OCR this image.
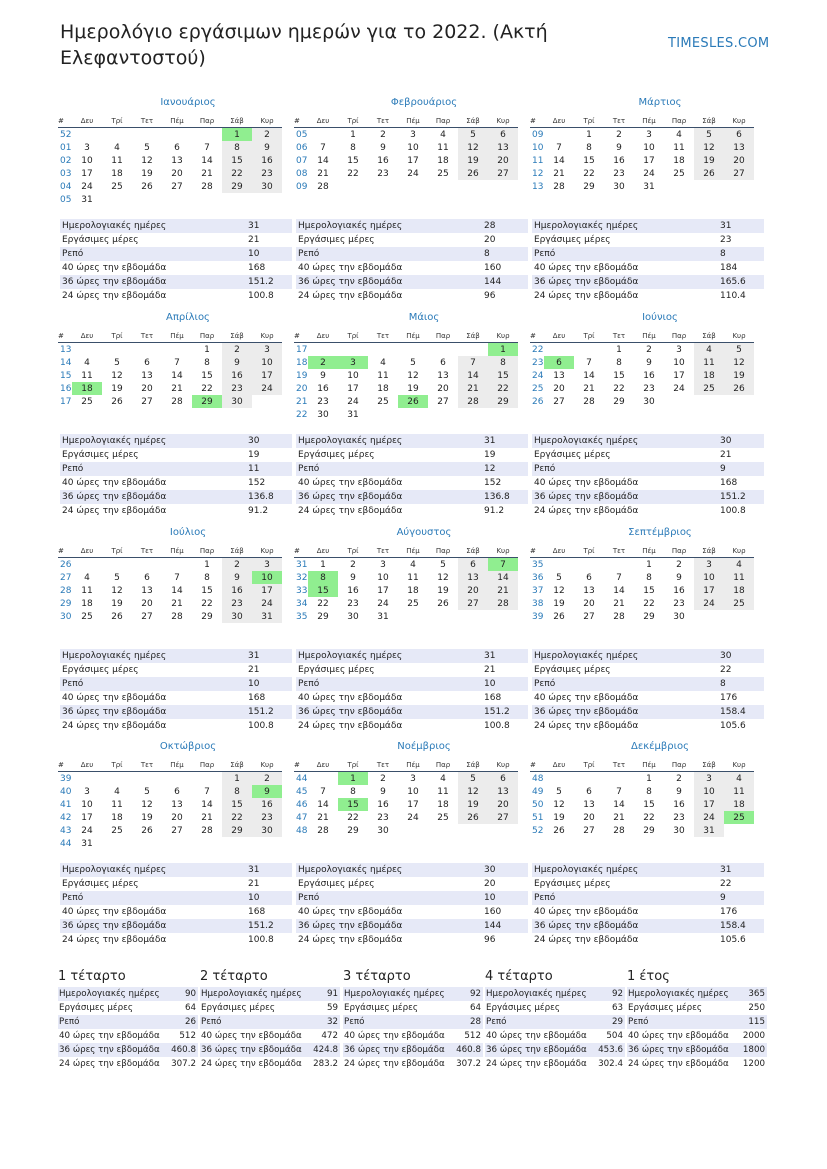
Ημερολόγιο εργάσιμων ημερών για το 2022. (Ακτή Ελεφαντοστού)
TIMESLES.COM
Ιανουάριος
#	Δευ	Τρί	Τετ	Πέμ	Παρ	Σάβ	Κυρ
52						1	2
01	3	4	5	6	7	8	9
02	10	11	12	13	14	15	16
03	17	18	19	20	21	22	23
04	24	25	26	27	28	29	30
05	31						
Ημερολογιακές ημέρες	31
Εργάσιμες μέρες	21
Ρεπό	10
40 ώρες την εβδομάδα	168
36 ώρες την εβδομάδα	151.2
24 ώρες την εβδομάδα	100.8
Φεβρουάριος
#	Δευ	Τρί	Τετ	Πέμ	Παρ	Σάβ	Κυρ
05		1	2	3	4	5	6
06	7	8	9	10	11	12	13
07	14	15	16	17	18	19	20
08	21	22	23	24	25	26	27
09	28						
Ημερολογιακές ημέρες	28
Εργάσιμες μέρες	20
Ρεπό	8
40 ώρες την εβδομάδα	160
36 ώρες την εβδομάδα	144
24 ώρες την εβδομάδα	96
Μάρτιος
#	Δευ	Τρί	Τετ	Πέμ	Παρ	Σάβ	Κυρ
09		1	2	3	4	5	6
10	7	8	9	10	11	12	13
11	14	15	16	17	18	19	20
12	21	22	23	24	25	26	27
13	28	29	30	31			
Ημερολογιακές ημέρες	31
Εργάσιμες μέρες	23
Ρεπό	8
40 ώρες την εβδομάδα	184
36 ώρες την εβδομάδα	165.6
24 ώρες την εβδομάδα	110.4
Απρίλιος
#	Δευ	Τρί	Τετ	Πέμ	Παρ	Σάβ	Κυρ
13					1	2	3
14	4	5	6	7	8	9	10
15	11	12	13	14	15	16	17
16	18	19	20	21	22	23	24
17	25	26	27	28	29	30	
Ημερολογιακές ημέρες	30
Εργάσιμες μέρες	19
Ρεπό	11
40 ώρες την εβδομάδα	152
36 ώρες την εβδομάδα	136.8
24 ώρες την εβδομάδα	91.2
Μάιος
#	Δευ	Τρί	Τετ	Πέμ	Παρ	Σάβ	Κυρ
17							1
18	2	3	4	5	6	7	8
19	9	10	11	12	13	14	15
20	16	17	18	19	20	21	22
21	23	24	25	26	27	28	29
22	30	31					
Ημερολογιακές ημέρες	31
Εργάσιμες μέρες	19
Ρεπό	12
40 ώρες την εβδομάδα	152
36 ώρες την εβδομάδα	136.8
24 ώρες την εβδομάδα	91.2
Ιούνιος
#	Δευ	Τρί	Τετ	Πέμ	Παρ	Σάβ	Κυρ
22			1	2	3	4	5
23	6	7	8	9	10	11	12
24	13	14	15	16	17	18	19
25	20	21	22	23	24	25	26
26	27	28	29	30			
Ημερολογιακές ημέρες	30
Εργάσιμες μέρες	21
Ρεπό	9
40 ώρες την εβδομάδα	168
36 ώρες την εβδομάδα	151.2
24 ώρες την εβδομάδα	100.8
Ιούλιος
#	Δευ	Τρί	Τετ	Πέμ	Παρ	Σάβ	Κυρ
26					1	2	3
27	4	5	6	7	8	9	10
28	11	12	13	14	15	16	17
29	18	19	20	21	22	23	24
30	25	26	27	28	29	30	31
Ημερολογιακές ημέρες	31
Εργάσιμες μέρες	21
Ρεπό	10
40 ώρες την εβδομάδα	168
36 ώρες την εβδομάδα	151.2
24 ώρες την εβδομάδα	100.8
Αύγουστος
#	Δευ	Τρί	Τετ	Πέμ	Παρ	Σάβ	Κυρ
31	1	2	3	4	5	6	7
32	8	9	10	11	12	13	14
33	15	16	17	18	19	20	21
34	22	23	24	25	26	27	28
35	29	30	31				
Ημερολογιακές ημέρες	31
Εργάσιμες μέρες	21
Ρεπό	10
40 ώρες την εβδομάδα	168
36 ώρες την εβδομάδα	151.2
24 ώρες την εβδομάδα	100.8
Σεπτέμβριος
#	Δευ	Τρί	Τετ	Πέμ	Παρ	Σάβ	Κυρ
35				1	2	3	4
36	5	6	7	8	9	10	11
37	12	13	14	15	16	17	18
38	19	20	21	22	23	24	25
39	26	27	28	29	30		
Ημερολογιακές ημέρες	30
Εργάσιμες μέρες	22
Ρεπό	8
40 ώρες την εβδομάδα	176
36 ώρες την εβδομάδα	158.4
24 ώρες την εβδομάδα	105.6
Οκτώβριος
#	Δευ	Τρί	Τετ	Πέμ	Παρ	Σάβ	Κυρ
39						1	2
40	3	4	5	6	7	8	9
41	10	11	12	13	14	15	16
42	17	18	19	20	21	22	23
43	24	25	26	27	28	29	30
44	31						
Ημερολογιακές ημέρες	31
Εργάσιμες μέρες	21
Ρεπό	10
40 ώρες την εβδομάδα	168
36 ώρες την εβδομάδα	151.2
24 ώρες την εβδομάδα	100.8
Νοέμβριος
#	Δευ	Τρί	Τετ	Πέμ	Παρ	Σάβ	Κυρ
44		1	2	3	4	5	6
45	7	8	9	10	11	12	13
46	14	15	16	17	18	19	20
47	21	22	23	24	25	26	27
48	28	29	30				
Ημερολογιακές ημέρες	30
Εργάσιμες μέρες	20
Ρεπό	10
40 ώρες την εβδομάδα	160
36 ώρες την εβδομάδα	144
24 ώρες την εβδομάδα	96
Δεκέμβριος
#	Δευ	Τρί	Τετ	Πέμ	Παρ	Σάβ	Κυρ
48				1	2	3	4
49	5	6	7	8	9	10	11
50	12	13	14	15	16	17	18
51	19	20	21	22	23	24	25
52	26	27	28	29	30	31	
Ημερολογιακές ημέρες	31
Εργάσιμες μέρες	22
Ρεπό	9
40 ώρες την εβδομάδα	176
36 ώρες την εβδομάδα	158.4
24 ώρες την εβδομάδα	105.6
1 τέταρτο
Ημερολογιακές ημέρες	90
Εργάσιμες μέρες	64
Ρεπό	26
40 ώρες την εβδομάδα 512
36 ώρες την εβδομάδα 460.8
24 ώρες την εβδομάδα 307.2
2 τέταρτο
Ημερολογιακές ημέρες	91
Εργάσιμες μέρες	59
Ρεπό	32
40 ώρες την εβδομάδα 472
36 ώρες την εβδομάδα 424.8
24 ώρες την εβδομάδα 283.2
3 τέταρτο
Ημερολογιακές ημέρες	92
Εργάσιμες μέρες	64
Ρεπό	28
40 ώρες την εβδομάδα 512
36 ώρες την εβδομάδα 460.8
24 ώρες την εβδομάδα 307.2
4 τέταρτο
Ημερολογιακές ημέρες	92
Εργάσιμες μέρες	63
Ρεπό	29
40 ώρες την εβδομάδα 504
36 ώρες την εβδομάδα 453.6
24 ώρες την εβδομάδα 302.4
1 έτος
Ημερολογιακές ημέρες 365
Εργάσιμες μέρες	250
Ρεπό	115
40 ώρες την εβδομάδα 2000
36 ώρες την εβδομάδα 1800
24 ώρες την εβδομάδα 1200
